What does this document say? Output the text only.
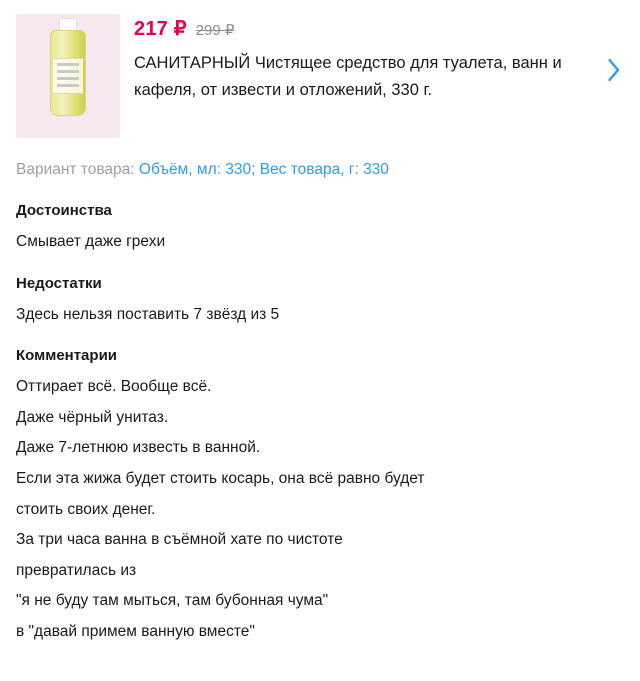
217 ₽ 299 ₽
САНИТАРНЫЙ Чистящее средство для туалета, ванн и кафеля, от извести и отложений, 330 г.
Вариант товара: Объём, мл: 330; Вес товара, г: 330
Достоинства
Смывает даже грехи
Недостатки
Здесь нельзя поставить 7 звёзд из 5
Комментарии

Оттирает всё. Вообще всё.

Даже чёрный унитаз.

Даже 7-летнюю известь в ванной.

Если эта жижа будет стоить косарь, она всё равно будет

стоить своих денег.

За три часа ванна в съёмной хате по чистоте

превратилась из

"я не буду там мыться, там бубонная чума"

в "давай примем ванную вместе"
